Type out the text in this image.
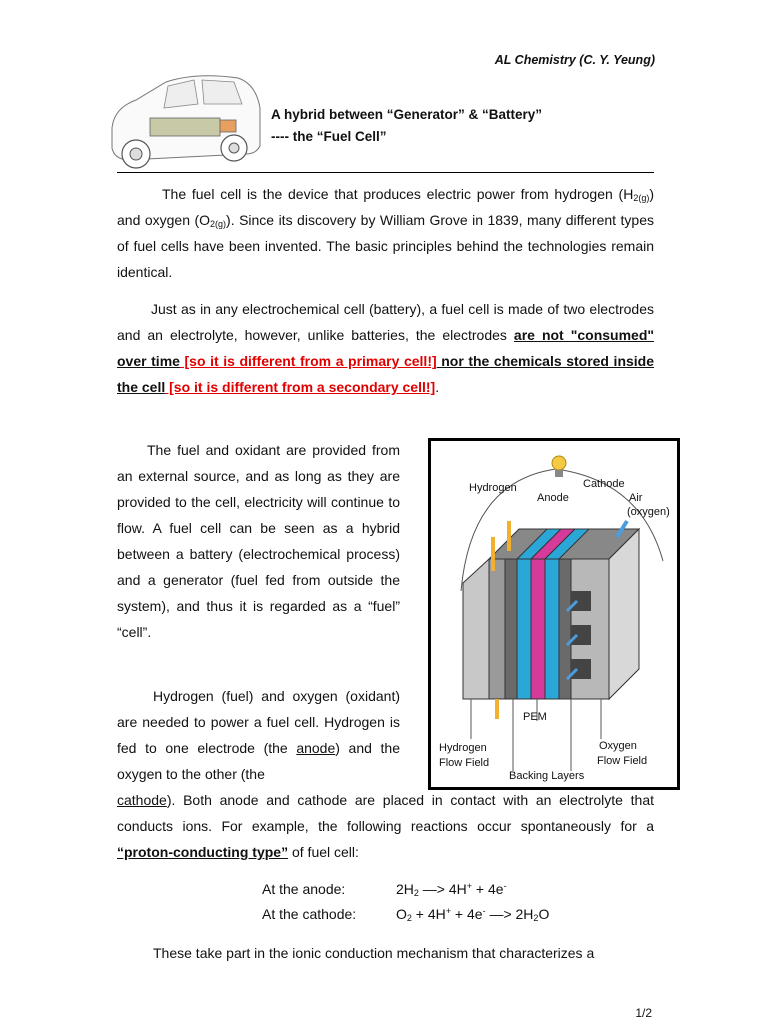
AL Chemistry (C. Y. Yeung)
A hybrid between “Generator” & “Battery”
---- the “Fuel Cell”

The fuel cell is the device that produces electric power from hydrogen $(H_{2(g)})$ and oxygen $(O_{2(g)})$. Since its discovery by William Grove in 1839, many different types of fuel cells have been invented. The basic principles behind the technologies remain identical.

Just as in any electrochemical cell (battery), a fuel cell is made of two electrodes and an electrolyte, however, unlike batteries, the electrodes are not "consumed" over time [so it is different from a primary cell!] nor the chemicals stored inside the cell [so it is different from a secondary cell!].

The fuel and oxidant are provided from an external source, and as long as they are provided to the cell, electricity will continue to flow. A fuel cell can be seen as a hybrid between a battery (electrochemical process) and a generator (fuel fed from outside the system), and thus it is regarded as a “fuel” “cell”.

Hydrogen (fuel) and oxygen (oxidant) are needed to power a fuel cell. Hydrogen is fed to one electrode (the anode) and the oxygen to the other (the

cathode). Both anode and cathode are placed in contact with an electrolyte that conducts ions. For example, the following reactions occur spontaneously for a “proton-conducting type” of fuel cell:

Hydrogen	Cathode
Anode	Air
(oxygen)
PEM
Hydrogen
Flow Field
Oxygen
Flow Field
Backing Layers
At the anode:	$2H_2$ —> 4H+ + 4e-
At the cathode:	$O_2 + 4H^+ + 4e^-$ —> $2H_2O$

These take part in the ionic conduction mechanism that characterizes a

1/2
